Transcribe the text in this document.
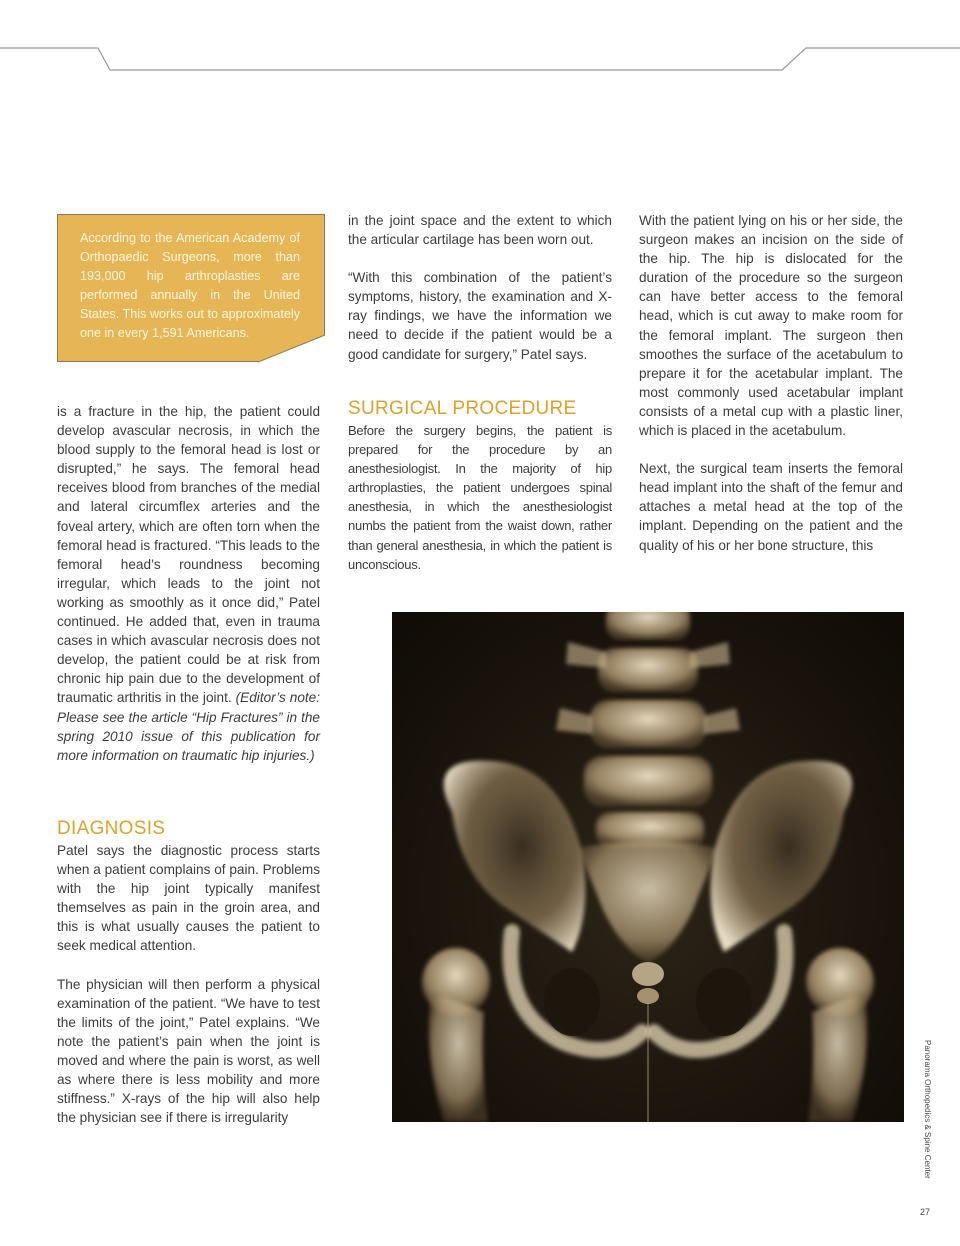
According to the American Academy of Orthopaedic Surgeons, more than 193,000 hip arthroplasties are performed annually in the United States. This works out to approximately one in every 1,591 Americans.

is a fracture in the hip, the patient could develop avascular necrosis, in which the blood supply to the femoral head is lost or disrupted,” he says. The femoral head receives blood from branches of the medial and lateral circumflex arteries and the foveal artery, which are often torn when the femoral head is fractured. “This leads to the femoral head’s roundness becoming irregular, which leads to the joint not working as smoothly as it once did,” Patel continued. He added that, even in trauma cases in which avascular necrosis does not develop, the patient could be at risk from chronic hip pain due to the development of traumatic arthritis in the joint. (Editor’s note: Please see the article “Hip Fractures” in the spring 2010 issue of this publication for more information on traumatic hip injuries.)

DIAGNOSIS

Patel says the diagnostic process starts when a patient complains of pain. Problems with the hip joint typically manifest themselves as pain in the groin area, and this is what usually causes the patient to seek medical attention.

The physician will then perform a physical examination of the patient. “We have to test the limits of the joint,” Patel explains. “We note the patient’s pain when the joint is moved and where the pain is worst, as well as where there is less mobility and more stiffness.” X-rays of the hip will also help the physician see if there is irregularity

in the joint space and the extent to which the articular cartilage has been worn out.

“With this combination of the patient’s symptoms, history, the examination and X-ray findings, we have the information we need to decide if the patient would be a good candidate for surgery,” Patel says.

SURGICAL PROCEDURE

Before the surgery begins, the patient is prepared for the procedure by an anesthesiologist. In the majority of hip arthroplasties, the patient undergoes spinal anesthesia, in which the anesthesiologist numbs the patient from the waist down, rather than general anesthesia, in which the patient is unconscious.

With the patient lying on his or her side, the surgeon makes an incision on the side of the hip. The hip is dislocated for the duration of the procedure so the surgeon can have better access to the femoral head, which is cut away to make room for the femoral implant. The surgeon then smoothes the surface of the acetabulum to prepare it for the acetabular implant. The most commonly used acetabular implant consists of a metal cup with a plastic liner, which is placed in the acetabulum.

Next, the surgical team inserts the femoral head implant into the shaft of the femur and attaches a metal head at the top of the implant. Depending on the patient and the quality of his or her bone structure, this

Panorama Orthopedics & Spine Center
27
